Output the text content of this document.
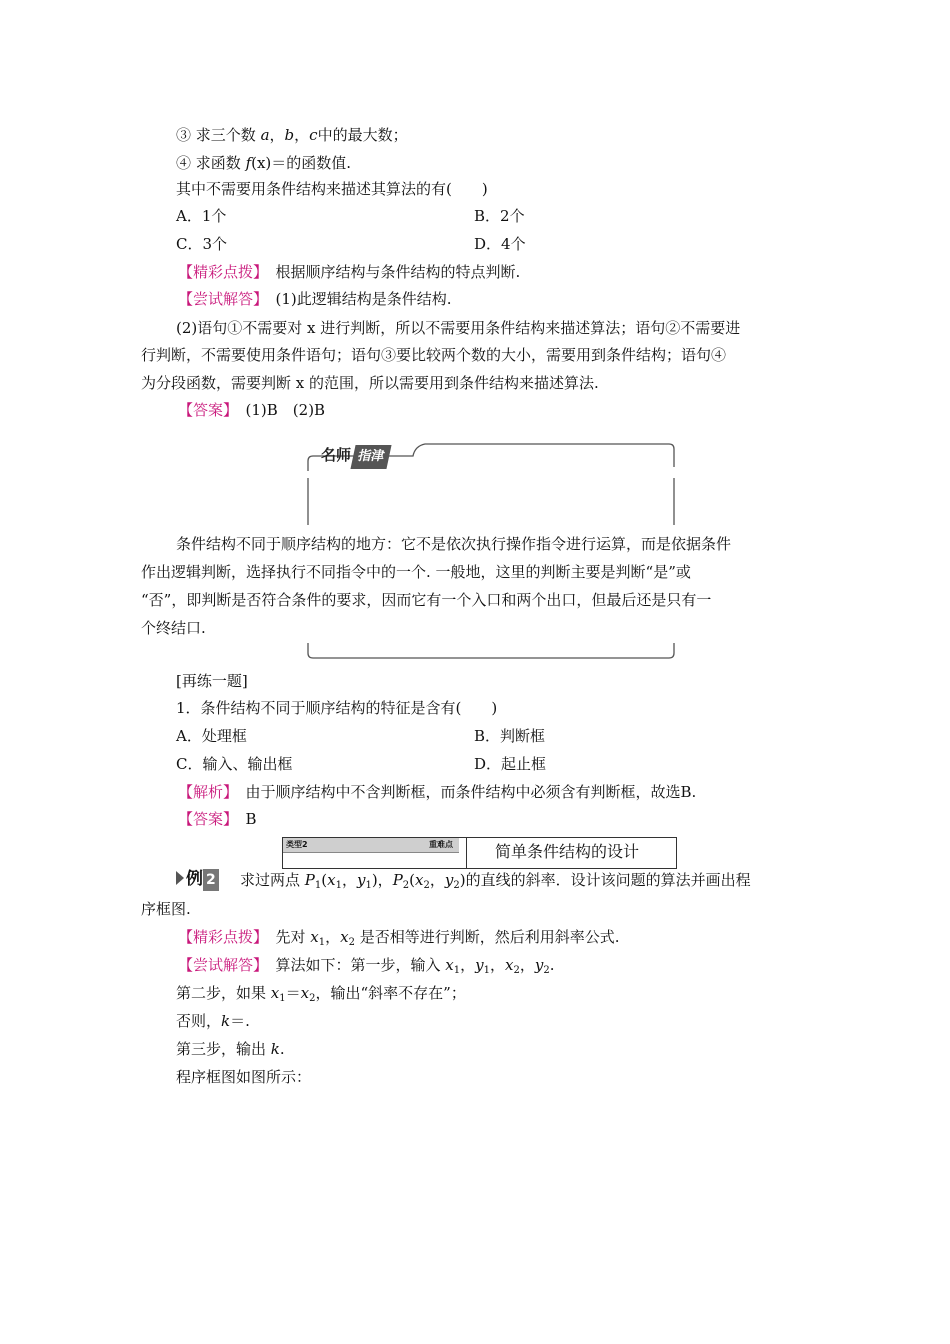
③ 求三个数 a，b，c中的最大数；
④ 求函数 f(x)＝的函数值.
其中不需要用条件结构来描述其算法的有(　　)
A．1个	B．2个
C．3个	D．4个
【精彩点拨】　 根据顺序结构与条件结构的特点判断.
【尝试解答】　 (1)此逻辑结构是条件结构.
(2)语句①不需要对 x 进行判断，所以不需要用条件结构来描述算法；语句②不需要进
行判断，不需要使用条件语句；语句③要比较两个数的大小，需要用到条件结构；语句④
为分段函数，需要判断 x 的范围，所以需要用到条件结构来描述算法.
【答案】　 (1)B　(2)B
名师 指津
条件结构不同于顺序结构的地方：它不是依次执行操作指令进行运算，而是依据条件
作出逻辑判断，选择执行不同指令中的一个. 一般地，这里的判断主要是判断“是”或
“否”，即判断是否符合条件的要求，因而它有一个入口和两个出口，但最后还是只有一
个终结口.
[再练一题]
1．条件结构不同于顺序结构的特征是含有(　　)
A．处理框	B．判断框
C．输入、输出框	D．起止框
【解析】　 由于顺序结构中不含判断框，而条件结构中必须含有判断框，故选B.
【答案】　 B
类型2	重难点	简单条件结构的设计
例 2 求过两点 $P_1(x_1$，$y_1$)，$P_2(x_2$，$y_2$)的直线的斜率．设计该问题的算法并画出程
序框图.
【精彩点拨】　先对 $x_1$，$x_2$ 是否相等进行判断，然后利用斜率公式.
【尝试解答】　算法如下：第一步，输入 $x_1$，$y_1$，$x_2$，$y_2$.
第二步，如果 $x_1=x_2$，输出“斜率不存在”；
否则，k＝.
第三步，输出 k.
程序框图如图所示：
